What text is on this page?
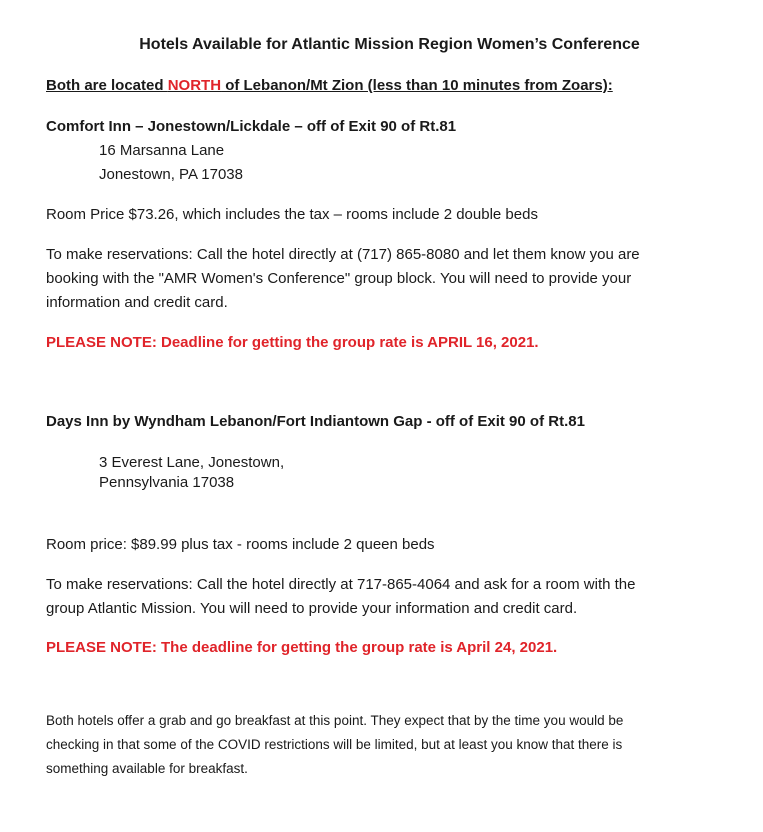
Hotels Available for Atlantic Mission Region Women’s Conference
Both are located NORTH of Lebanon/Mt Zion (less than 10 minutes from Zoars):
Comfort Inn – Jonestown/Lickdale – off of Exit 90 of Rt.81
16 Marsanna Lane
Jonestown, PA 17038
Room Price $73.26, which includes the tax – rooms include 2 double beds
To make reservations: Call the hotel directly at (717) 865-8080 and let them know you are
booking with the "AMR Women's Conference" group block. You will need to provide your
information and credit card.
PLEASE NOTE: Deadline for getting the group rate is APRIL 16, 2021.
Days Inn by Wyndham Lebanon/Fort Indiantown Gap - off of Exit 90 of Rt.81
3 Everest Lane, Jonestown,
Pennsylvania 17038
Room price: $89.99 plus tax - rooms include 2 queen beds
To make reservations: Call the hotel directly at 717-865-4064 and ask for a room with the
group Atlantic Mission. You will need to provide your information and credit card.
PLEASE NOTE: The deadline for getting the group rate is April 24, 2021.
Both hotels offer a grab and go breakfast at this point. They expect that by the time you would be
checking in that some of the COVID restrictions will be limited, but at least you know that there is
something available for breakfast.
